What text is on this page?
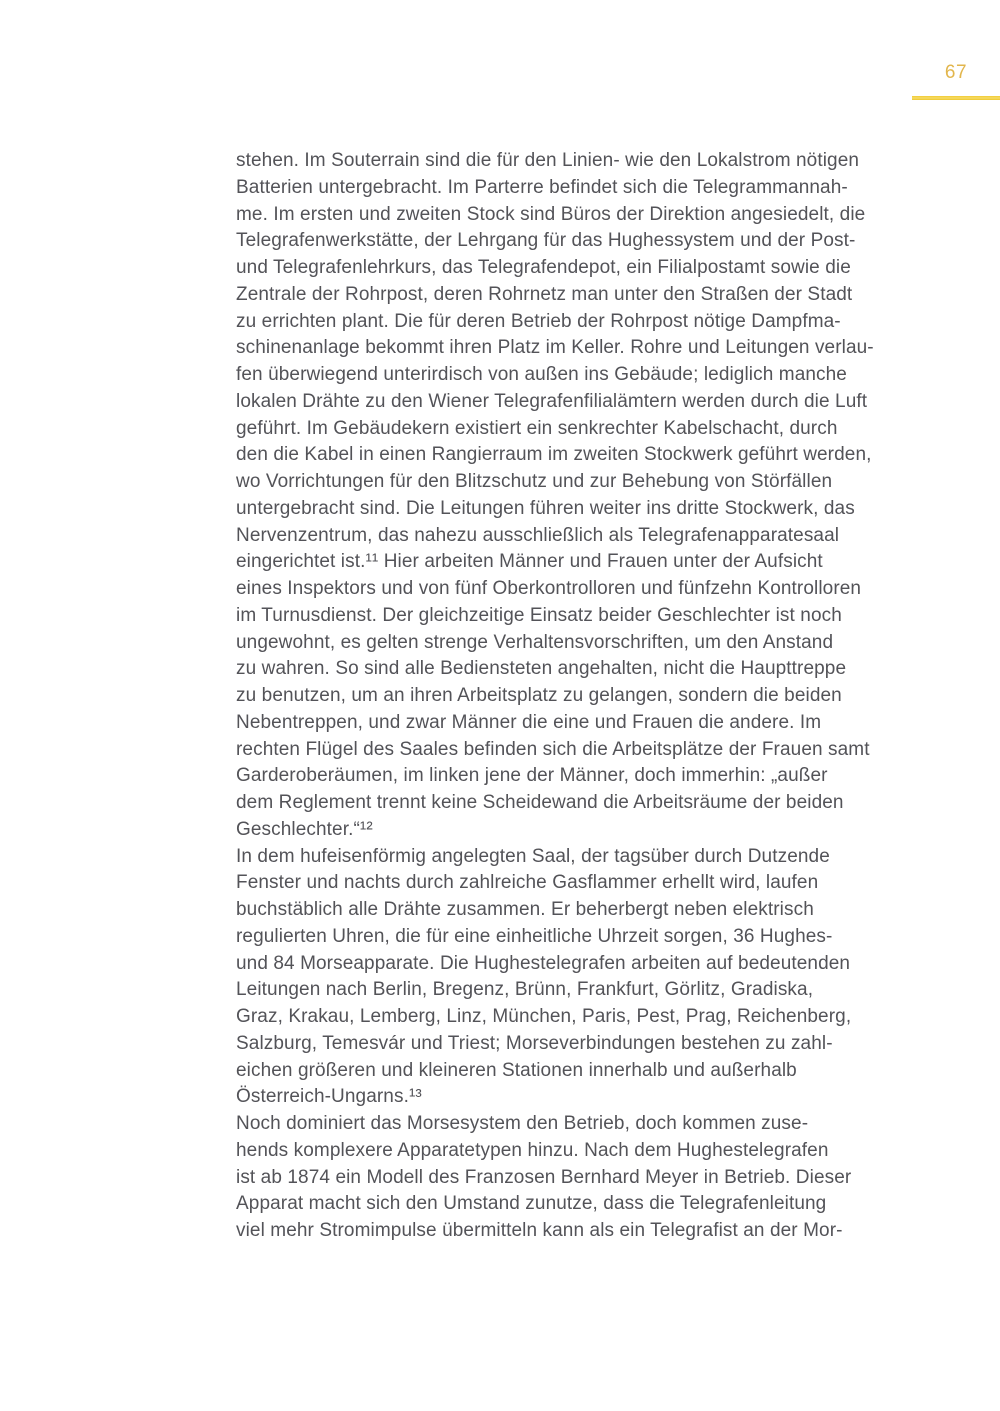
67

stehen. Im Souterrain sind die für den Linien- wie den Lokalstrom nötigen
Batterien untergebracht. Im Parterre befindet sich die Telegrammannah-
me. Im ersten und zweiten Stock sind Büros der Direktion angesiedelt, die
Telegrafenwerkstätte, der Lehrgang für das Hughessystem und der Post-
und Telegrafenlehrkurs, das Telegrafendepot, ein Filialpostamt sowie die
Zentrale der Rohrpost, deren Rohrnetz man unter den Straßen der Stadt
zu errichten plant. Die für deren Betrieb der Rohrpost nötige Dampfma-
schinenanlage bekommt ihren Platz im Keller. Rohre und Leitungen verlau-
fen überwiegend unterirdisch von außen ins Gebäude; lediglich manche
lokalen Drähte zu den Wiener Telegrafenfilialämtern werden durch die Luft
geführt. Im Gebäudekern existiert ein senkrechter Kabelschacht, durch
den die Kabel in einen Rangierraum im zweiten Stockwerk geführt werden,
wo Vorrichtungen für den Blitzschutz und zur Behebung von Störfällen
untergebracht sind. Die Leitungen führen weiter ins dritte Stockwerk, das
Nervenzentrum, das nahezu ausschließlich als Telegrafenapparatesaal
eingerichtet ist.¹¹ Hier arbeiten Männer und Frauen unter der Aufsicht
eines Inspektors und von fünf Oberkontrolloren und fünfzehn Kontrolloren
im Turnusdienst. Der gleichzeitige Einsatz beider Geschlechter ist noch
ungewohnt, es gelten strenge Verhaltensvorschriften, um den Anstand
zu wahren. So sind alle Bediensteten angehalten, nicht die Haupttreppe
zu benutzen, um an ihren Arbeitsplatz zu gelangen, sondern die beiden
Nebentreppen, und zwar Männer die eine und Frauen die andere. Im
rechten Flügel des Saales befinden sich die Arbeitsplätze der Frauen samt
Garderoberäumen, im linken jene der Männer, doch immerhin: „außer
dem Reglement trennt keine Scheidewand die Arbeitsräume der beiden
Geschlechter.“¹²

In dem hufeisenförmig angelegten Saal, der tagsüber durch Dutzende
Fenster und nachts durch zahlreiche Gasflammer erhellt wird, laufen
buchstäblich alle Drähte zusammen. Er beherbergt neben elektrisch
regulierten Uhren, die für eine einheitliche Uhrzeit sorgen, 36 Hughes-
und 84 Morseapparate. Die Hughestelegrafen arbeiten auf bedeutenden
Leitungen nach Berlin, Bregenz, Brünn, Frankfurt, Görlitz, Gradiska,
Graz, Krakau, Lemberg, Linz, München, Paris, Pest, Prag, Reichenberg,
Salzburg, Temesvár und Triest; Morseverbindungen bestehen zu zahl-
eichen größeren und kleineren Stationen innerhalb und außerhalb
Österreich-Ungarns.¹³

Noch dominiert das Morsesystem den Betrieb, doch kommen zuse-
hends komplexere Apparatetypen hinzu. Nach dem Hughestelegrafen
ist ab 1874 ein Modell des Franzosen Bernhard Meyer in Betrieb. Dieser
Apparat macht sich den Umstand zunutze, dass die Telegrafenleitung
viel mehr Stromimpulse übermitteln kann als ein Telegrafist an der Mor-
